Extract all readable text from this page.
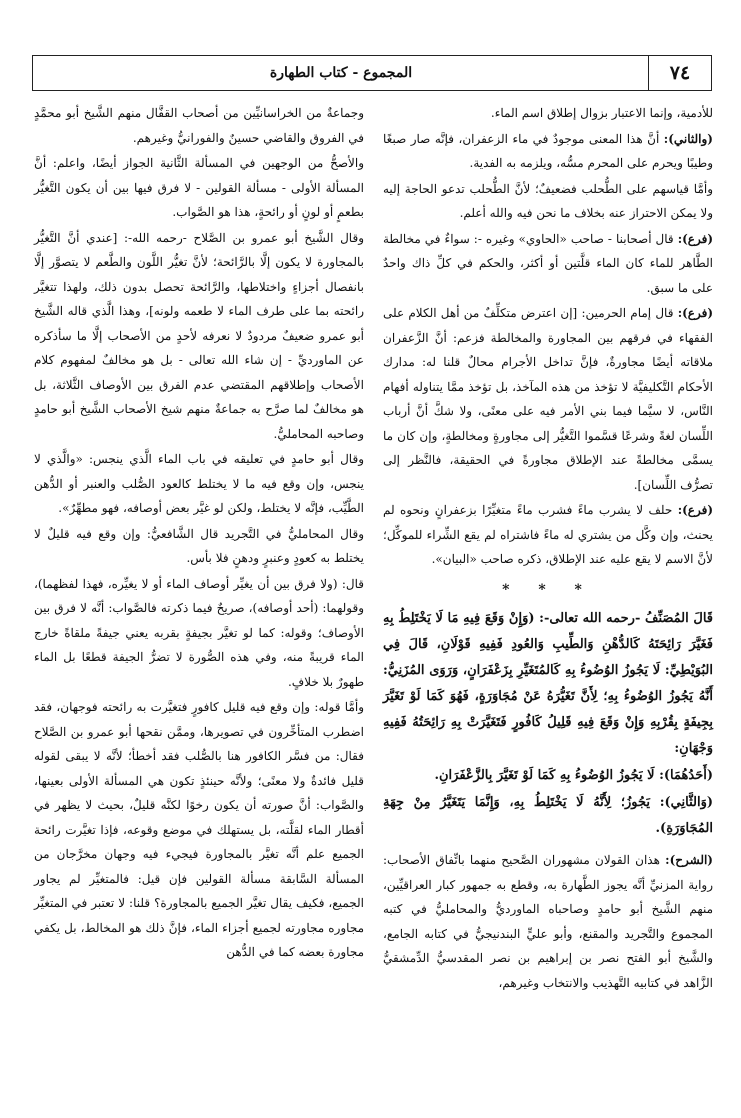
٧٤
المجموع - كتاب الطهارة

للأدمية، وإنما الاعتبار بزوال إطلاق اسم الماء.

(والثاني): أنَّ هذا المعنى موجودٌ في ماء الزعفران، فإنَّه صار صبغًا وطيبًا ويحرم على المحرم مسُّه، ويلزمه به الفدية.

وأمَّا قياسهم على الطُّحلب فضعيفٌ؛ لأنَّ الطُّحلب تدعو الحاجة إليه ولا يمكن الاحتراز عنه بخلاف ما نحن فيه والله أعلم.

(فرع): قال أصحابنا - صاحب «الحاوي» وغيره -: سواءٌ في مخالطة الطَّاهر للماء كان الماء قلَّتين أو أكثر، والحكم في كلِّ ذاك واحدٌ على ما سبق.

(فرع): قال إمام الحرمين: [إن اعترض متكلِّفٌ من أهل الكلام على الفقهاء في فرقهم بين المجاورة والمخالطة فزعم: أنَّ الزَّعفران ملاقاته أيضًا مجاورةٌ، فإنَّ تداخل الأجرام محالٌ قلنا له: مدارك الأحكام التَّكليفيَّة لا تؤخذ من هذه المآخذ، بل تؤخذ ممَّا يتناوله أفهام النَّاس، لا سيَّما فيما بني الأمر فيه على معنًى، ولا شكَّ أنَّ أرباب اللِّسان لغةً وشرعًا قسَّموا التَّغيُّر إلى مجاورةٍ ومخالطةٍ، وإن كان ما يسمَّى مخالطةً عند الإطلاق مجاورةً في الحقيقة، فالنَّظر إلى تصرُّف اللِّسان].

(فرع): حلف لا يشرب ماءً فشرب ماءً متغيِّرًا بزعفرانٍ ونحوه لم يحنث، وإن وكَّل من يشتري له ماءً فاشتراه لم يقع الشِّراء للموكِّل؛ لأنَّ الاسم لا يقع عليه عند الإطلاق، ذكره صاحب «البيان».

* * *

قَالَ المُصَنِّفُ -رحمه الله تعالى-: (وَإِنْ وَقَعَ فِيهِ مَا لَا يَخْتَلِطُ بِهِ فَغَيَّرَ رَائِحَتَهُ كَالدُّهْنِ وَالطِّيبِ وَالعُودِ فَفِيهِ قَوْلَانِ، قَالَ فِي البُوَيْطِيِّ: لَا يَجُوزُ الوُضُوءُ بِهِ كَالمُتَغَيِّرِ بِزَعْفَرَانٍ، وَرَوَى المُزَنِيُّ: أَنَّهُ يَجُوزُ الوُضُوءُ بِهِ؛ لِأَنَّ تَغَيُّرَهُ عَنْ مُجَاوَرَةٍ، فَهُوَ كَمَا لَوْ تَغَيَّرَ بِجِيفَةٍ بِقُرْبِهِ وَإِنْ وَقَعَ فِيهِ قَلِيلُ كَافُورٍ فَتَغَيَّرَتْ بِهِ رَائِحَتُهُ فَفِيهِ وَجْهَانِ:

(أَحَدُهُمَا): لَا يَجُوزُ الوُضُوءُ بِهِ كَمَا لَوْ تَغَيَّرَ بِالزَّعْفَرَانِ.

(وَالثَّانِي): يَجُوزُ؛ لِأَنَّهُ لَا يَخْتَلِطُ بِهِ، وَإِنَّمَا يَتَغَيَّرُ مِنْ جِهَةِ المُجَاوَرَةِ).

(الشرح): هذان القولان مشهوران الصَّحيح منهما باتِّفاق الأصحاب: رواية المزنيِّ أنَّه يجوز الطَّهارة به، وقطع به جمهور كبار العراقيِّين، منهم الشَّيخ أبو حامدٍ وصاحباه الماورديُّ والمحامليُّ في كتبه المجموع والتَّجريد والمقنع، وأبو عليٍّ البندنيجيُّ في كتابه الجامع، والشَّيخ أبو الفتح نصر بن إبراهيم بن نصر المقدسيُّ الدِّمشقيُّ الزَّاهد في كتابيه التَّهذيب والانتخاب وغيرهم،

وجماعةٌ من الخراسانيِّين من أصحاب القفَّال منهم الشَّيخ أبو محمَّدٍ في الفروق والقاضي حسينٌ والفورانيُّ وغيرهم.

والأصحُّ من الوجهين في المسألة الثَّانية الجواز أيضًا، واعلم: أنَّ المسألة الأولى - مسألة القولين - لا فرق فيها بين أن يكون التَّغيُّر بطعمٍ أو لونٍ أو رائحةٍ، هذا هو الصَّواب.

وقال الشَّيخ أبو عمرو بن الصَّلاح -رحمه الله-: [عندي أنَّ التَّغيُّر بالمجاورة لا يكون إلَّا بالرَّائحة؛ لأنَّ تغيُّر اللَّون والطَّعم لا يتصوَّر إلَّا بانفصال أجزاءٍ واختلاطها، والرَّائحة تحصل بدون ذلك، ولهذا تتغيَّر رائحته بما على طرف الماء لا طعمه ولونه]، وهذا الَّذي قاله الشَّيخ أبو عمرو ضعيفٌ مردودٌ لا نعرفه لأحدٍ من الأصحاب إلَّا ما سأذكره عن الماورديِّ - إن شاء الله تعالى - بل هو مخالفٌ لمفهوم كلام الأصحاب وإطلاقهم المقتضي عدم الفرق بين الأوصاف الثَّلاثة، بل هو مخالفٌ لما صرَّح به جماعةٌ منهم شيخ الأصحاب الشَّيخ أبو حامدٍ وصاحبه المحامليُّ.

وقال أبو حامدٍ في تعليقه في باب الماء الَّذي ينجس: «والَّذي لا ينجس، وإن وقع فيه ما لا يختلط كالعود الصُّلب والعنبر أو الدُّهن الطَّيِّب، فإنَّه لا يختلط، ولكن لو غيَّر بعض أوصافه، فهو مطهِّرٌ».

وقال المحامليُّ في التَّجريد قال الشَّافعيُّ: وإن وقع فيه قليلٌ لا يختلط به كعودٍ وعنبرٍ ودهنٍ فلا بأس.

قال: (ولا فرق بين أن يغيِّر أوصاف الماء أو لا يغيِّره، فهذا لفظهما)، وقولهما: (أحد أوصافه)، صريحٌ فيما ذكرته فالصَّواب: أنَّه لا فرق بين الأوصاف؛ وقوله: كما لو تغيَّر بجيفةٍ بقربه يعني جيفةً ملقاةً خارج الماء قريبةً منه، وفي هذه الصُّورة لا تضرُّ الجيفة قطعًا بل الماء طهورٌ بلا خلافٍ.

وأمَّا قوله: وإن وقع فيه قليل كافورٍ فتغيَّرت به رائحته فوجهان، فقد اضطرب المتأخِّرون في تصويرها، وممَّن نقحها أبو عمرو بن الصَّلاح فقال: من فسَّر الكافور هنا بالصُّلب فقد أخطأ؛ لأنَّه لا يبقى لقوله قليل فائدةٌ ولا معنًى؛ ولأنَّه حينئذٍ تكون هي المسألة الأولى بعينها، والصَّواب: أنَّ صورته أن يكون رخوًا لكنَّه قليلٌ، بحيث لا يظهر في أقطار الماء لقلَّته، بل يستهلك في موضع وقوعه، فإذا تغيَّرت رائحة الجميع علم أنَّه تغيَّر بالمجاورة فيجيء فيه وجهان مخرَّجان من المسألة السَّابقة مسألة القولين فإن قيل: فالمتغيِّر لم يجاور الجميع، فكيف يقال تغيَّر الجميع بالمجاورة؟ قلنا: لا تعتبر في المتغيِّر مجاوره مجاورته لجميع أجزاء الماء، فإنَّ ذلك هو المخالط، بل يكفي مجاورة بعضه كما في الدُّهن
